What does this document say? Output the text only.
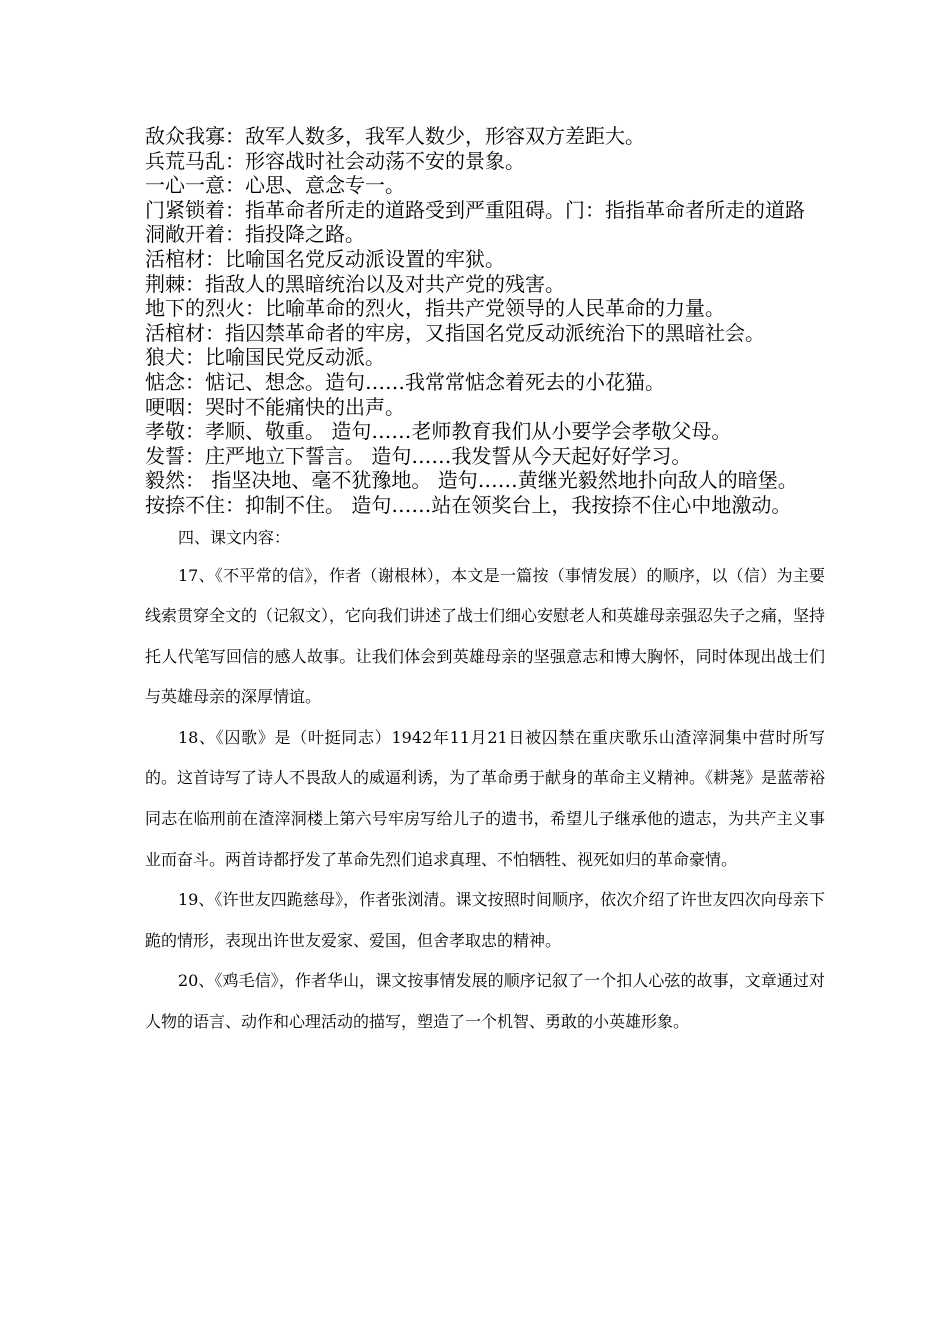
敌众我寡：敌军人数多，我军人数少，形容双方差距大。

兵荒马乱：形容战时社会动荡不安的景象。

一心一意：心思、意念专一。

门紧锁着：指革命者所走的道路受到严重阻碍。门：指指革命者所走的道路

洞敞开着：指投降之路。

活棺材：比喻国名党反动派设置的牢狱。

荆棘：指敌人的黑暗统治以及对共产党的残害。

地下的烈火：比喻革命的烈火，指共产党领导的人民革命的力量。

活棺材：指囚禁革命者的牢房，又指国名党反动派统治下的黑暗社会。

狼犬：比喻国民党反动派。

惦念：惦记、想念。造句……我常常惦念着死去的小花猫。

哽咽：哭时不能痛快的出声。

孝敬：孝顺、敬重。 造句……老师教育我们从小要学会孝敬父母。

发誓：庄严地立下誓言。 造句……我发誓从今天起好好学习。

毅然： 指坚决地、毫不犹豫地。 造句……黄继光毅然地扑向敌人的暗堡。

按捺不住：抑制不住。 造句……站在领奖台上，我按捺不住心中地激动。

四、课文内容：

17、《不平常的信》，作者（谢根林），本文是一篇按（事情发展）的顺序，以（信）为主要线索贯穿全文的（记叙文），它向我们讲述了战士们细心安慰老人和英雄母亲强忍失子之痛，坚持托人代笔写回信的感人故事。让我们体会到英雄母亲的坚强意志和博大胸怀，同时体现出战士们与英雄母亲的深厚情谊。

18、《囚歌》是（叶挺同志）1942年11月21日被囚禁在重庆歌乐山渣滓洞集中营时所写的。这首诗写了诗人不畏敌人的威逼利诱，为了革命勇于献身的革命主义精神。《耕荛》是蓝蒂裕同志在临刑前在渣滓洞楼上第六号牢房写给儿子的遗书，希望儿子继承他的遗志，为共产主义事业而奋斗。两首诗都抒发了革命先烈们追求真理、不怕牺牲、视死如归的革命豪情。

19、《许世友四跪慈母》，作者张浏清。课文按照时间顺序，依次介绍了许世友四次向母亲下跪的情形，表现出许世友爱家、爱国，但舍孝取忠的精神。

20、《鸡毛信》，作者华山，课文按事情发展的顺序记叙了一个扣人心弦的故事，文章通过对人物的语言、动作和心理活动的描写，塑造了一个机智、勇敢的小英雄形象。
